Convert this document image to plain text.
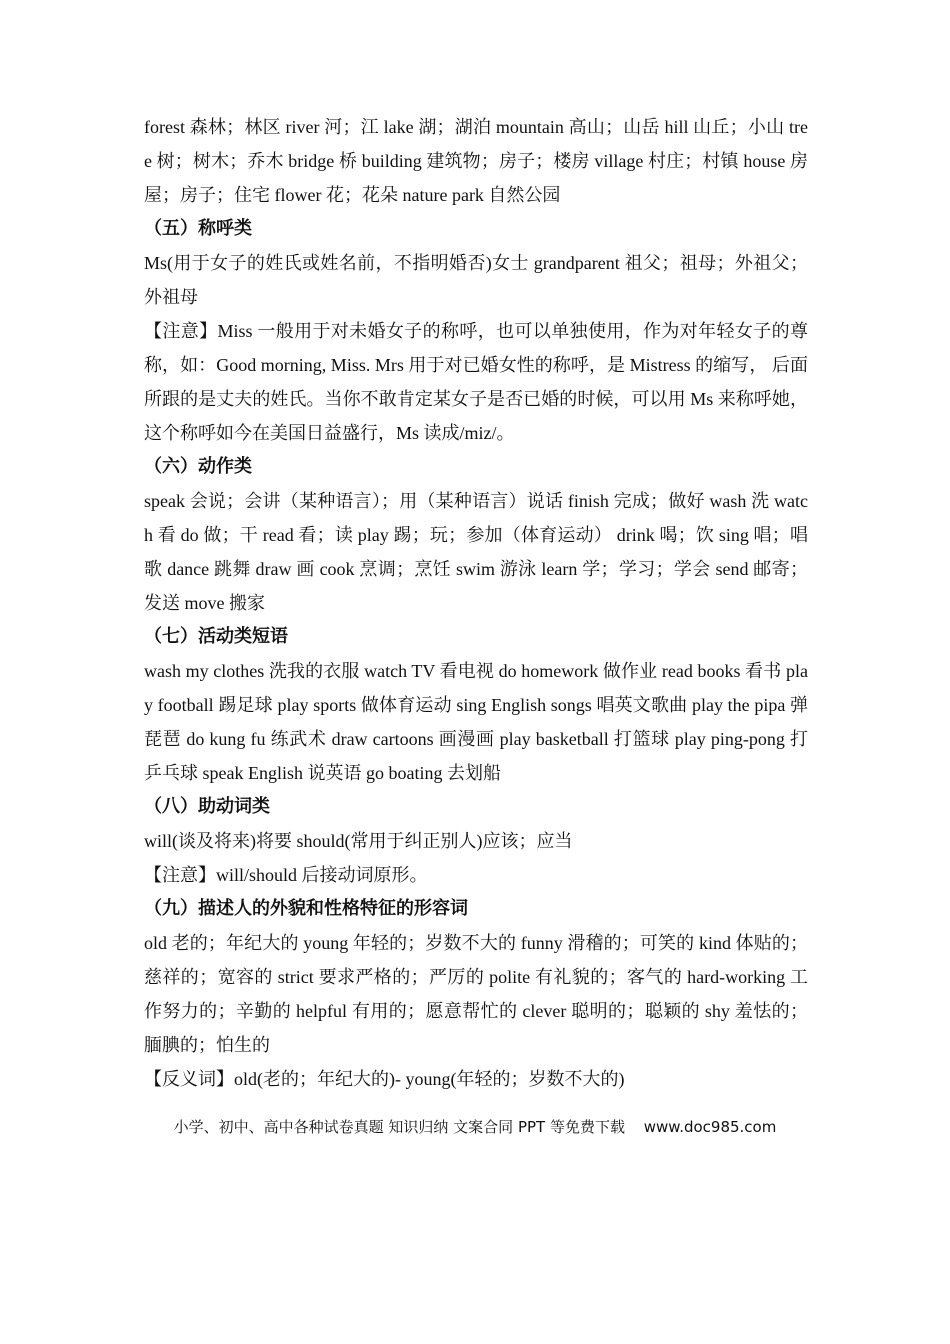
forest 森林；林区 river 河；江 lake 湖；湖泊 mountain 高山；山岳 hill 山丘；小山 tree 树；树木；乔木 bridge 桥 building 建筑物；房子；楼房 village 村庄；村镇 house 房屋；房子；住宅 flower 花；花朵 nature park 自然公园

（五）称呼类

Ms(用于女子的姓氏或姓名前，不指明婚否)女士 grandparent 祖父；祖母；外祖父；外祖母

【注意】Miss 一般用于对未婚女子的称呼，也可以单独使用，作为对年轻女子的尊称，如：Good morning, Miss. Mrs 用于对已婚女性的称呼，是 Mistress 的缩写， 后面所跟的是丈夫的姓氏。当你不敢肯定某女子是否已婚的时候，可以用 Ms 来称呼她，这个称呼如今在美国日益盛行，Ms 读成/miz/。

（六）动作类

speak 会说；会讲（某种语言）；用（某种语言）说话 finish 完成；做好 wash 洗 watch 看 do 做；干 read 看；读 play 踢；玩；参加（体育运动） drink 喝；饮 sing 唱；唱歌 dance 跳舞 draw 画 cook 烹调；烹饪 swim 游泳 learn 学；学习；学会 send 邮寄；发送 move 搬家

（七）活动类短语

wash my clothes 洗我的衣服 watch TV 看电视 do homework 做作业 read books 看书 play football 踢足球 play sports 做体育运动 sing English songs 唱英文歌曲 play the pipa 弹琵琶 do kung fu 练武术 draw cartoons 画漫画 play basketball 打篮球 play ping-pong 打乒乓球 speak English 说英语 go boating 去划船

（八）助动词类

will(谈及将来)将要 should(常用于纠正别人)应该；应当

【注意】will/should 后接动词原形。

（九）描述人的外貌和性格特征的形容词

old 老的；年纪大的 young 年轻的；岁数不大的 funny 滑稽的；可笑的 kind 体贴的；慈祥的；宽容的 strict 要求严格的；严厉的 polite 有礼貌的；客气的 hard-working 工作努力的；辛勤的 helpful 有用的；愿意帮忙的 clever 聪明的；聪颖的 shy 羞怯的；腼腆的；怕生的

【反义词】old(老的；年纪大的)- young(年轻的；岁数不大的)

小学、初中、高中各种试卷真题 知识归纳 文案合同 PPT 等免费下载 www.doc985.com
